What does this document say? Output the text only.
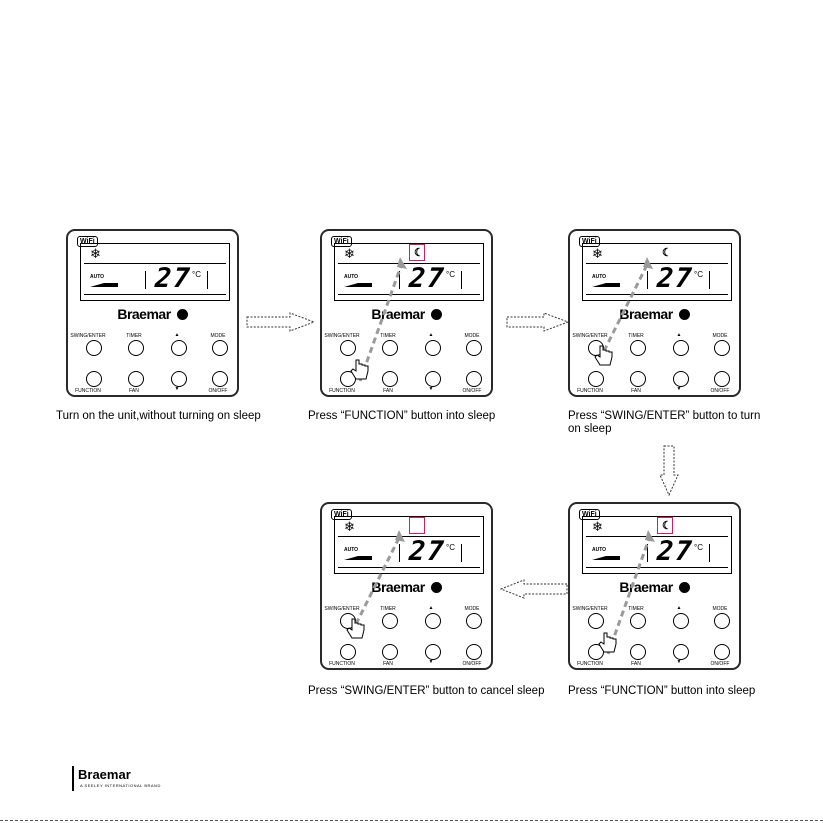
WiFi
❄
AUTO 27 °C
Braemar
SWING/ENTER	TIMER	▲	MODE
FUNCTION	FAN	▼	ON/OFF
Turn on the unit,without turning on sleep
WiFi
❄	☾
AUTO 27 °C
Braemar
SWING/ENTER	TIMER	▲	MODE
FUNCTION	FAN	▼	ON/OFF
Press “FUNCTION” button into sleep
WiFi
❄	☾
AUTO 27 °C
Braemar
SWING/ENTER	TIMER	▲	MODE
FUNCTION	FAN	▼	ON/OFF
Press “SWING/ENTER” button to turn on sleep
WiFi
❄	☾
AUTO 27 °C
Braemar
SWING/ENTER	TIMER	▲	MODE
FUNCTION	FAN	▼	ON/OFF
Press “FUNCTION” button into sleep
WiFi
❄
AUTO 27 °C
Braemar
SWING/ENTER	TIMER	▲	MODE
FUNCTION	FAN	▼	ON/OFF
Press “SWING/ENTER” button to cancel sleep
Braemar
A SEELEY INTERNATIONAL BRAND
